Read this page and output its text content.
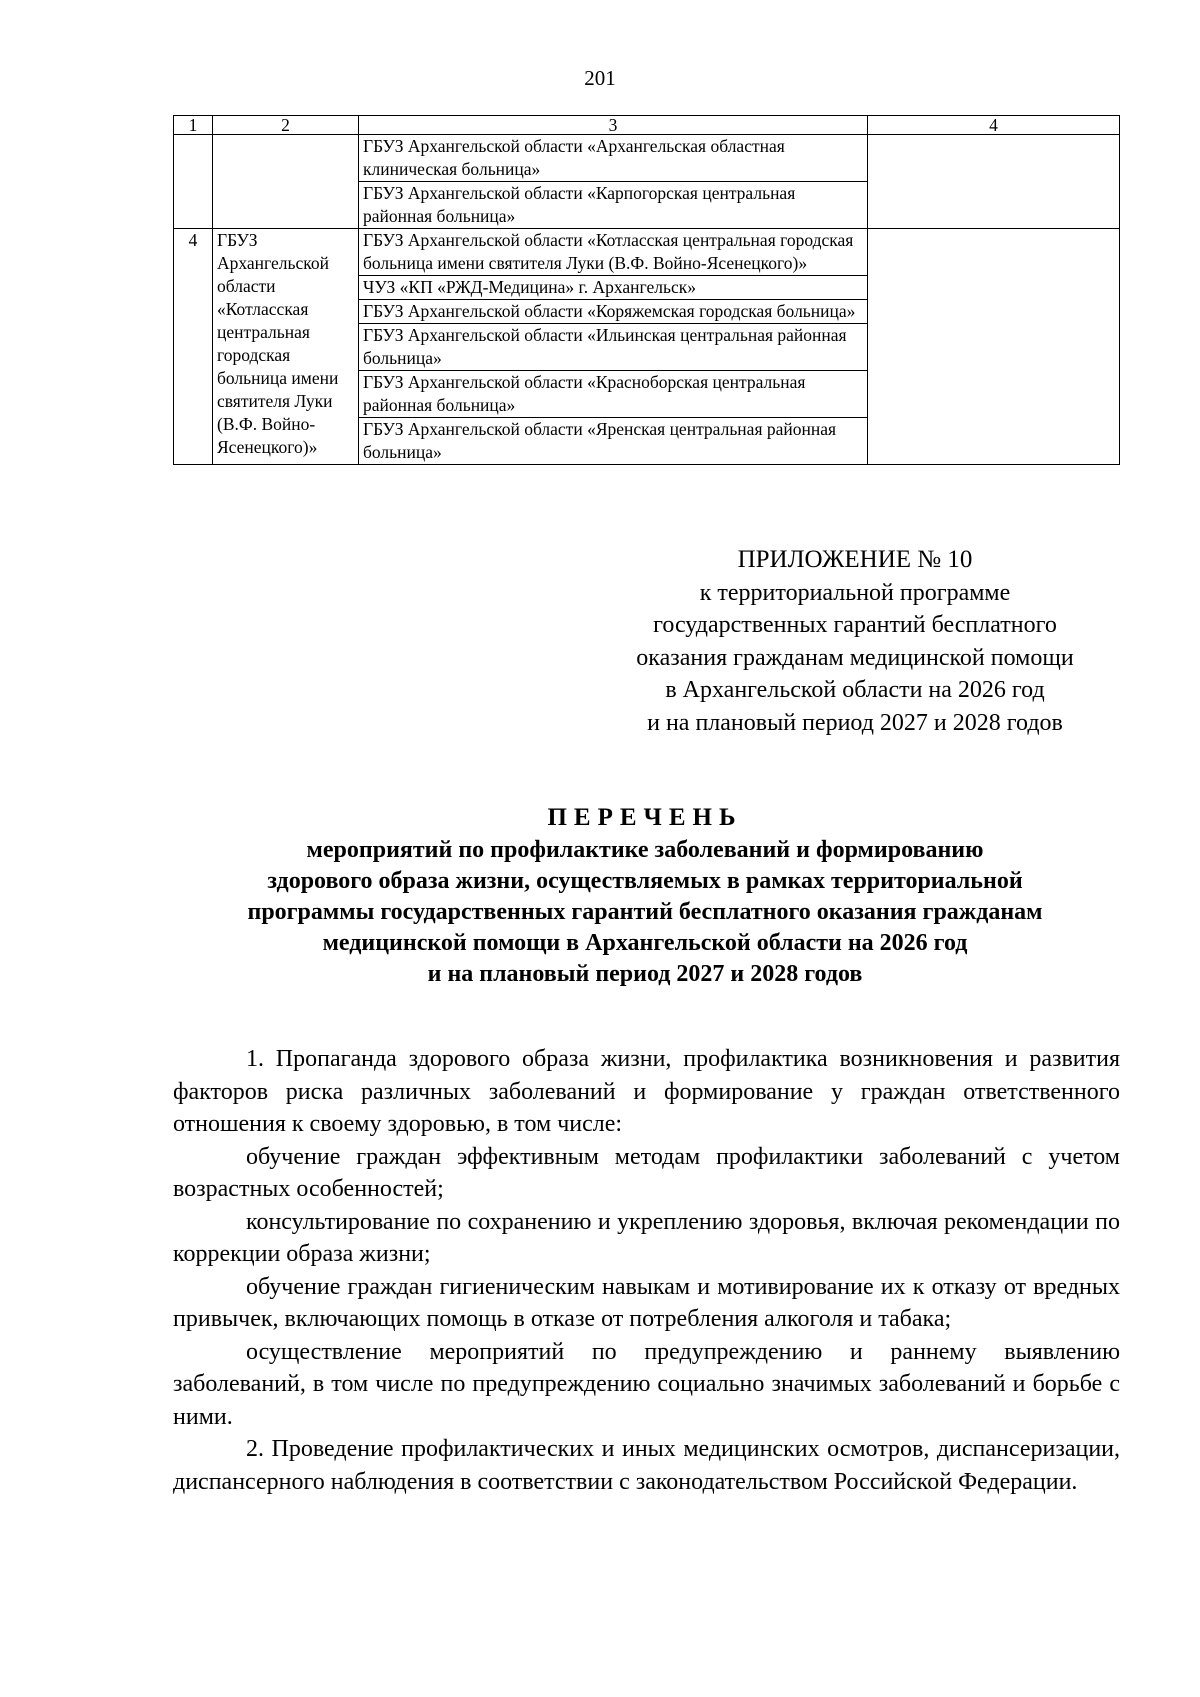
201
1	2	3	4
		ГБУЗ Архангельской области «Архангельская областная клиническая больница»	
		ГБУЗ Архангельской области «Карпогорская центральная районная больница»	
4	ГБУЗ Архангельской области «Котласская центральная городская больница имени святителя Луки (В.Ф. Войно-Ясенецкого)»	ГБУЗ Архангельской области «Котласская центральная городская больница имени святителя Луки (В.Ф. Войно-Ясенецкого)»	
		ЧУЗ «КП «РЖД-Медицина» г. Архангельск»	
		ГБУЗ Архангельской области «Коряжемская городская больница»	
		ГБУЗ Архангельской области «Ильинская центральная районная больница»	
		ГБУЗ Архангельской области «Красноборская центральная районная больница»	
		ГБУЗ Архангельской области «Яренская центральная районная больница»	
ПРИЛОЖЕНИЕ № 10
к территориальной программе
государственных гарантий бесплатного
оказания гражданам медицинской помощи
в Архангельской области на 2026 год
и на плановый период 2027 и 2028 годов
ПЕРЕЧЕНЬ
мероприятий по профилактике заболеваний и формированию
здорового образа жизни, осуществляемых в рамках территориальной
программы государственных гарантий бесплатного оказания гражданам
медицинской помощи в Архангельской области на 2026 год
и на плановый период 2027 и 2028 годов

1. Пропаганда здорового образа жизни, профилактика возникновения и развития факторов риска различных заболеваний и формирование у граждан ответственного отношения к своему здоровью, в том числе:

обучение граждан эффективным методам профилактики заболеваний с учетом возрастных особенностей;

консультирование по сохранению и укреплению здоровья, включая рекомендации по коррекции образа жизни;

обучение граждан гигиеническим навыкам и мотивирование их к отказу от вредных привычек, включающих помощь в отказе от потребления алкоголя и табака;

осуществление мероприятий по предупреждению и раннему выявлению заболеваний, в том числе по предупреждению социально значимых заболеваний и борьбе с ними.

2. Проведение профилактических и иных медицинских осмотров, диспансеризации, диспансерного наблюдения в соответствии с законодательством Российской Федерации.
